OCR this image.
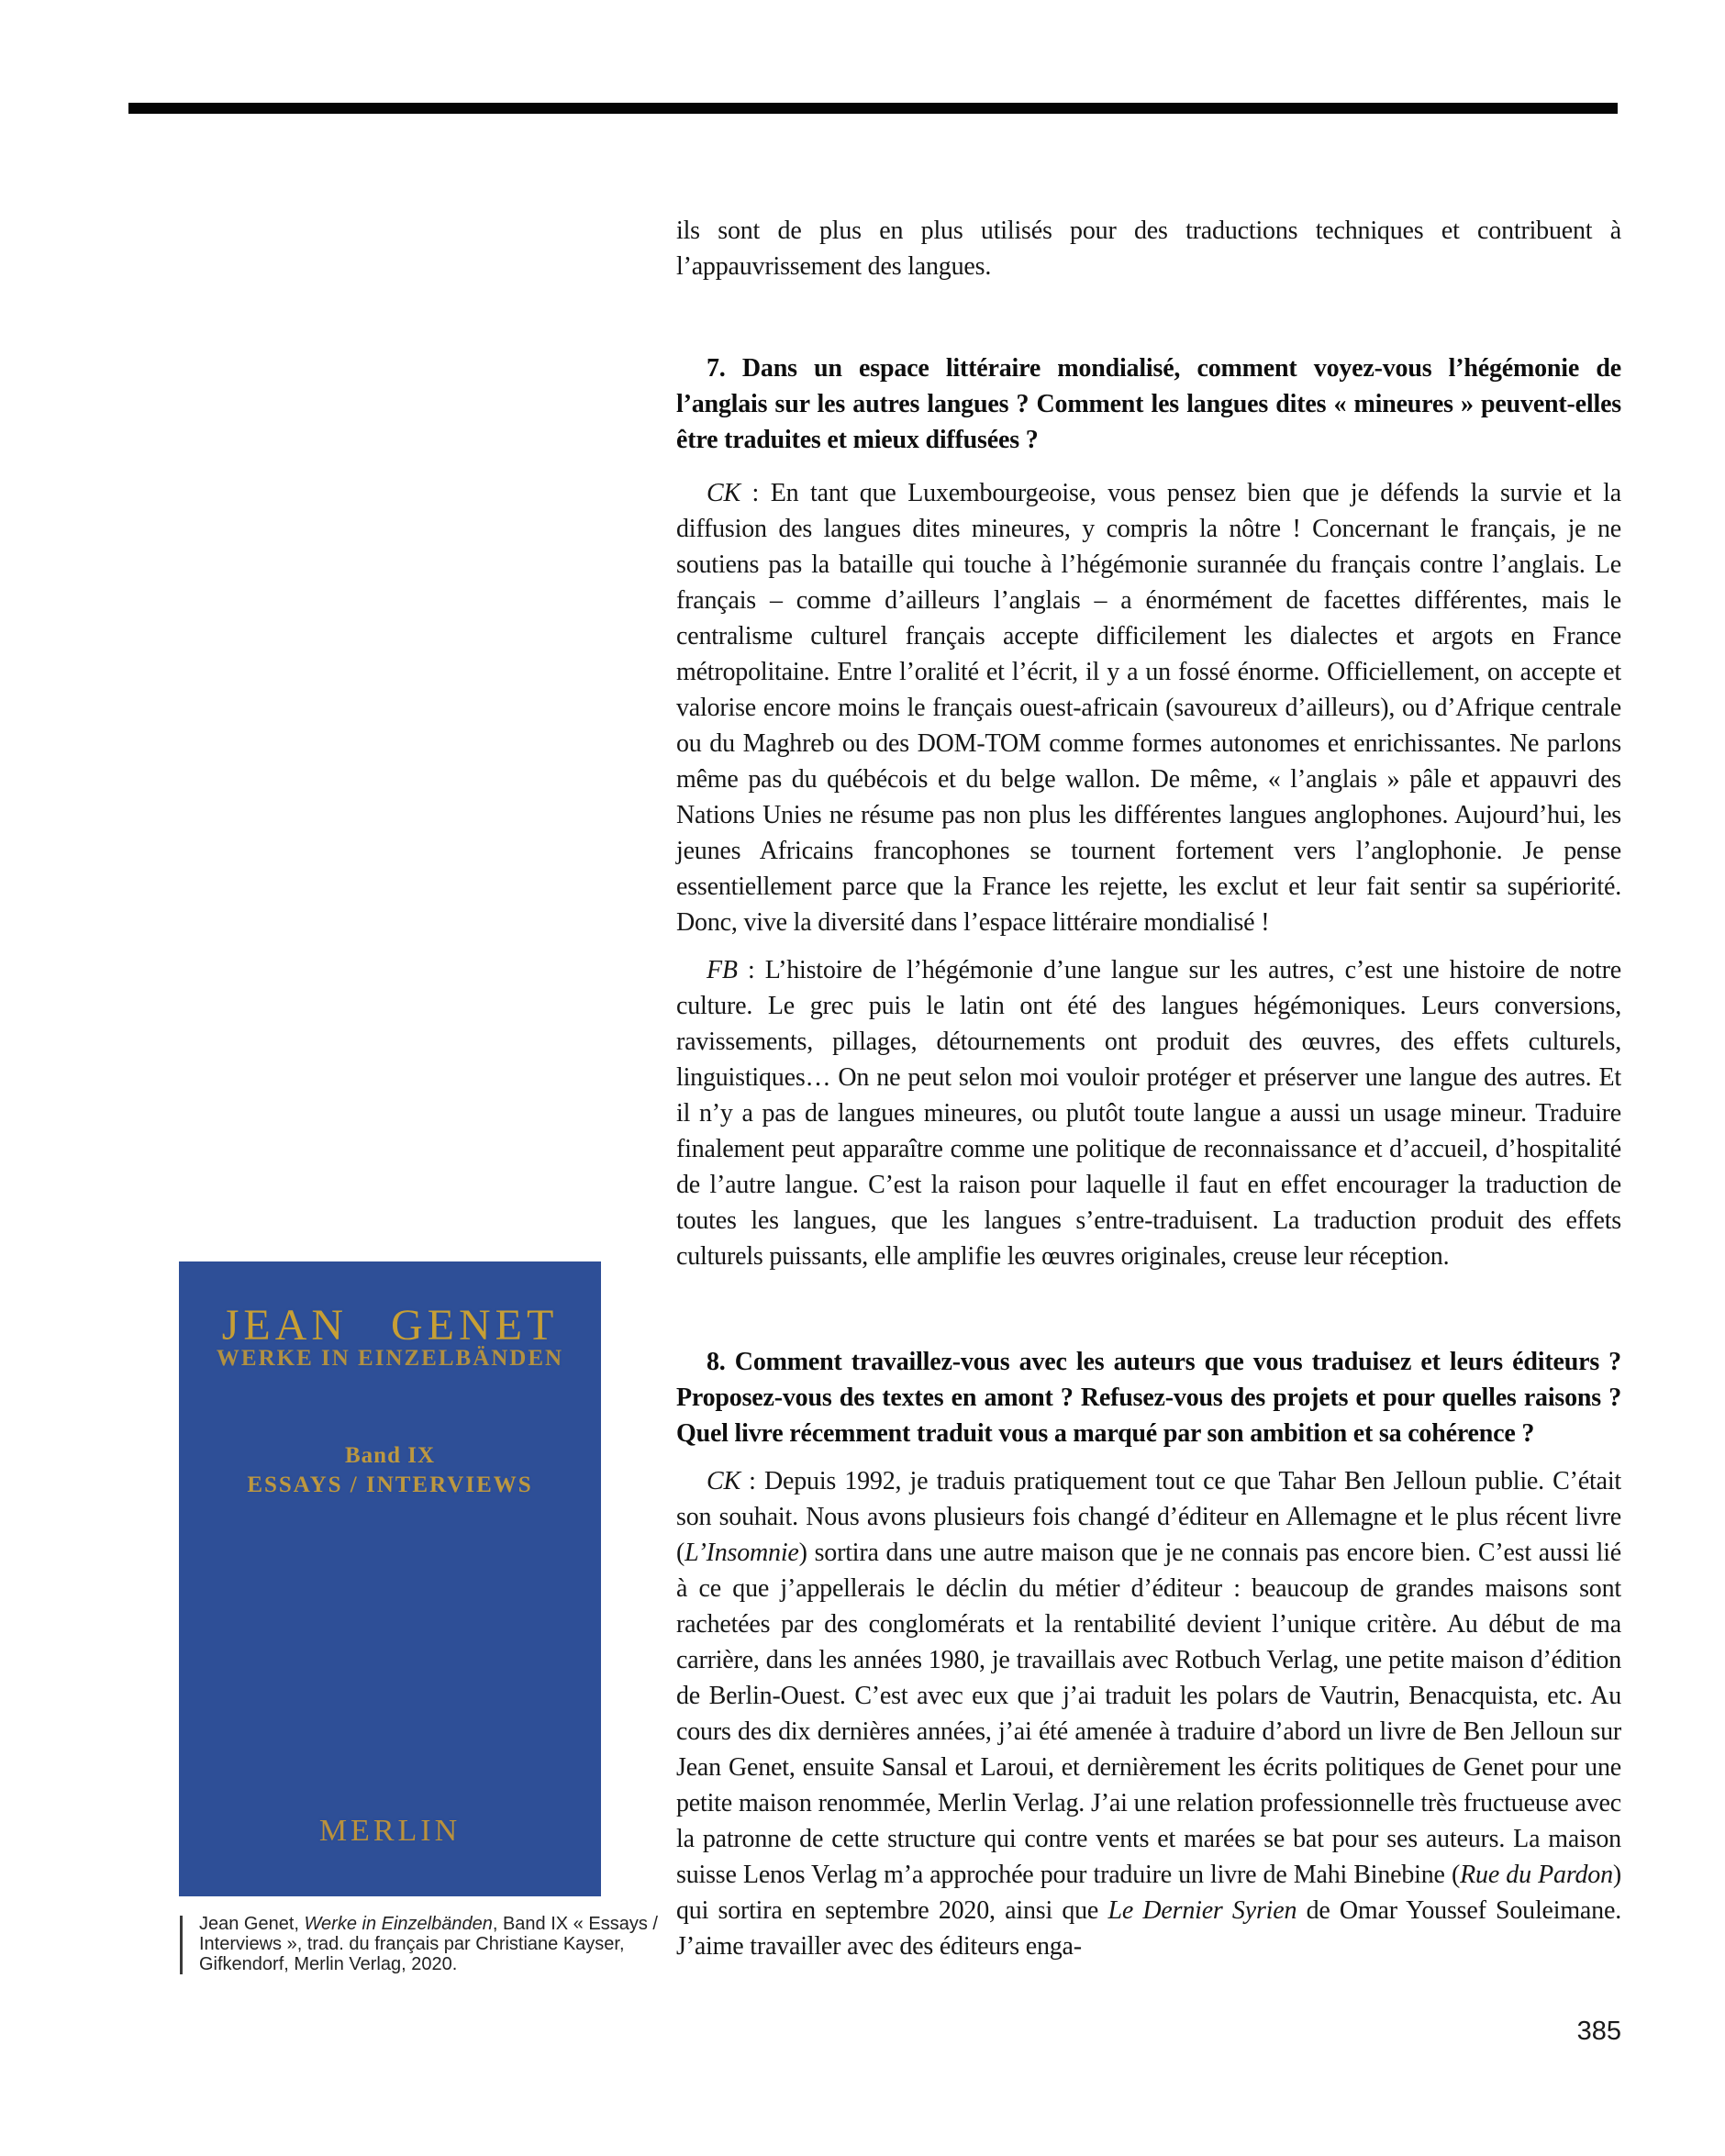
ils sont de plus en plus utilisés pour des traductions techniques et contribuent à l’appauvrissement des langues.

7. Dans un espace littéraire mondialisé, comment voyez-vous l’hégémonie de l’anglais sur les autres langues ? Comment les langues dites « mineures » peuvent-elles être traduites et mieux diffusées ?

CK : En tant que Luxembourgeoise, vous pensez bien que je défends la survie et la diffusion des langues dites mineures, y compris la nôtre ! Concernant le français, je ne soutiens pas la bataille qui touche à l’hégémonie surannée du français contre l’anglais. Le français – comme d’ailleurs l’anglais – a énormément de facettes différentes, mais le centralisme culturel français accepte difficilement les dialectes et argots en France métropolitaine. Entre l’oralité et l’écrit, il y a un fossé énorme. Officiellement, on accepte et valorise encore moins le français ouest-africain (savoureux d’ailleurs), ou d’Afrique centrale ou du Maghreb ou des DOM-TOM comme formes autonomes et enrichissantes. Ne parlons même pas du québécois et du belge wallon. De même, « l’anglais » pâle et appauvri des Nations Unies ne résume pas non plus les différentes langues anglophones. Aujourd’hui, les jeunes Africains francophones se tournent fortement vers l’anglophonie. Je pense essentiellement parce que la France les rejette, les exclut et leur fait sentir sa supériorité. Donc, vive la diversité dans l’espace littéraire mondialisé !

FB : L’histoire de l’hégémonie d’une langue sur les autres, c’est une histoire de notre culture. Le grec puis le latin ont été des langues hégémoniques. Leurs conversions, ravissements, pillages, détournements ont produit des œuvres, des effets culturels, linguistiques… On ne peut selon moi vouloir protéger et préserver une langue des autres. Et il n’y a pas de langues mineures, ou plutôt toute langue a aussi un usage mineur. Traduire finalement peut apparaître comme une politique de reconnaissance et d’accueil, d’hospitalité de l’autre langue. C’est la raison pour laquelle il faut en effet encourager la traduction de toutes les langues, que les langues s’entre-traduisent. La traduction produit des effets culturels puissants, elle amplifie les œuvres originales, creuse leur réception.

8. Comment travaillez-vous avec les auteurs que vous traduisez et leurs éditeurs ? Proposez-vous des textes en amont ? Refusez-vous des projets et pour quelles raisons ? Quel livre récemment traduit vous a marqué par son ambition et sa cohérence ?

CK : Depuis 1992, je traduis pratiquement tout ce que Tahar Ben Jelloun publie. C’était son souhait. Nous avons plusieurs fois changé d’éditeur en Allemagne et le plus récent livre (L’Insomnie) sortira dans une autre maison que je ne connais pas encore bien. C’est aussi lié à ce que j’appellerais le déclin du métier d’éditeur : beaucoup de grandes maisons sont rachetées par des conglomérats et la rentabilité devient l’unique critère. Au début de ma carrière, dans les années 1980, je travaillais avec Rotbuch Verlag, une petite maison d’édition de Berlin-Ouest. C’est avec eux que j’ai traduit les polars de Vautrin, Benacquista, etc. Au cours des dix dernières années, j’ai été amenée à traduire d’abord un livre de Ben Jelloun sur Jean Genet, ensuite Sansal et Laroui, et dernièrement les écrits politiques de Genet pour une petite maison renommée, Merlin Verlag. J’ai une relation professionnelle très fructueuse avec la patronne de cette structure qui contre vents et marées se bat pour ses auteurs. La maison suisse Lenos Verlag m’a approchée pour traduire un livre de Mahi Binebine (Rue du Pardon) qui sortira en septembre 2020, ainsi que Le Dernier Syrien de Omar Youssef Souleimane. J’aime travailler avec des éditeurs enga-

JEAN GENET
WERKE IN EINZELBÄNDEN
Band IX
ESSAYS / INTERVIEWS
MERLIN

Jean Genet, Werke in Einzelbänden, Band IX « Essays / Interviews », trad. du français par Christiane Kayser, Gifkendorf, Merlin Verlag, 2020.

385
